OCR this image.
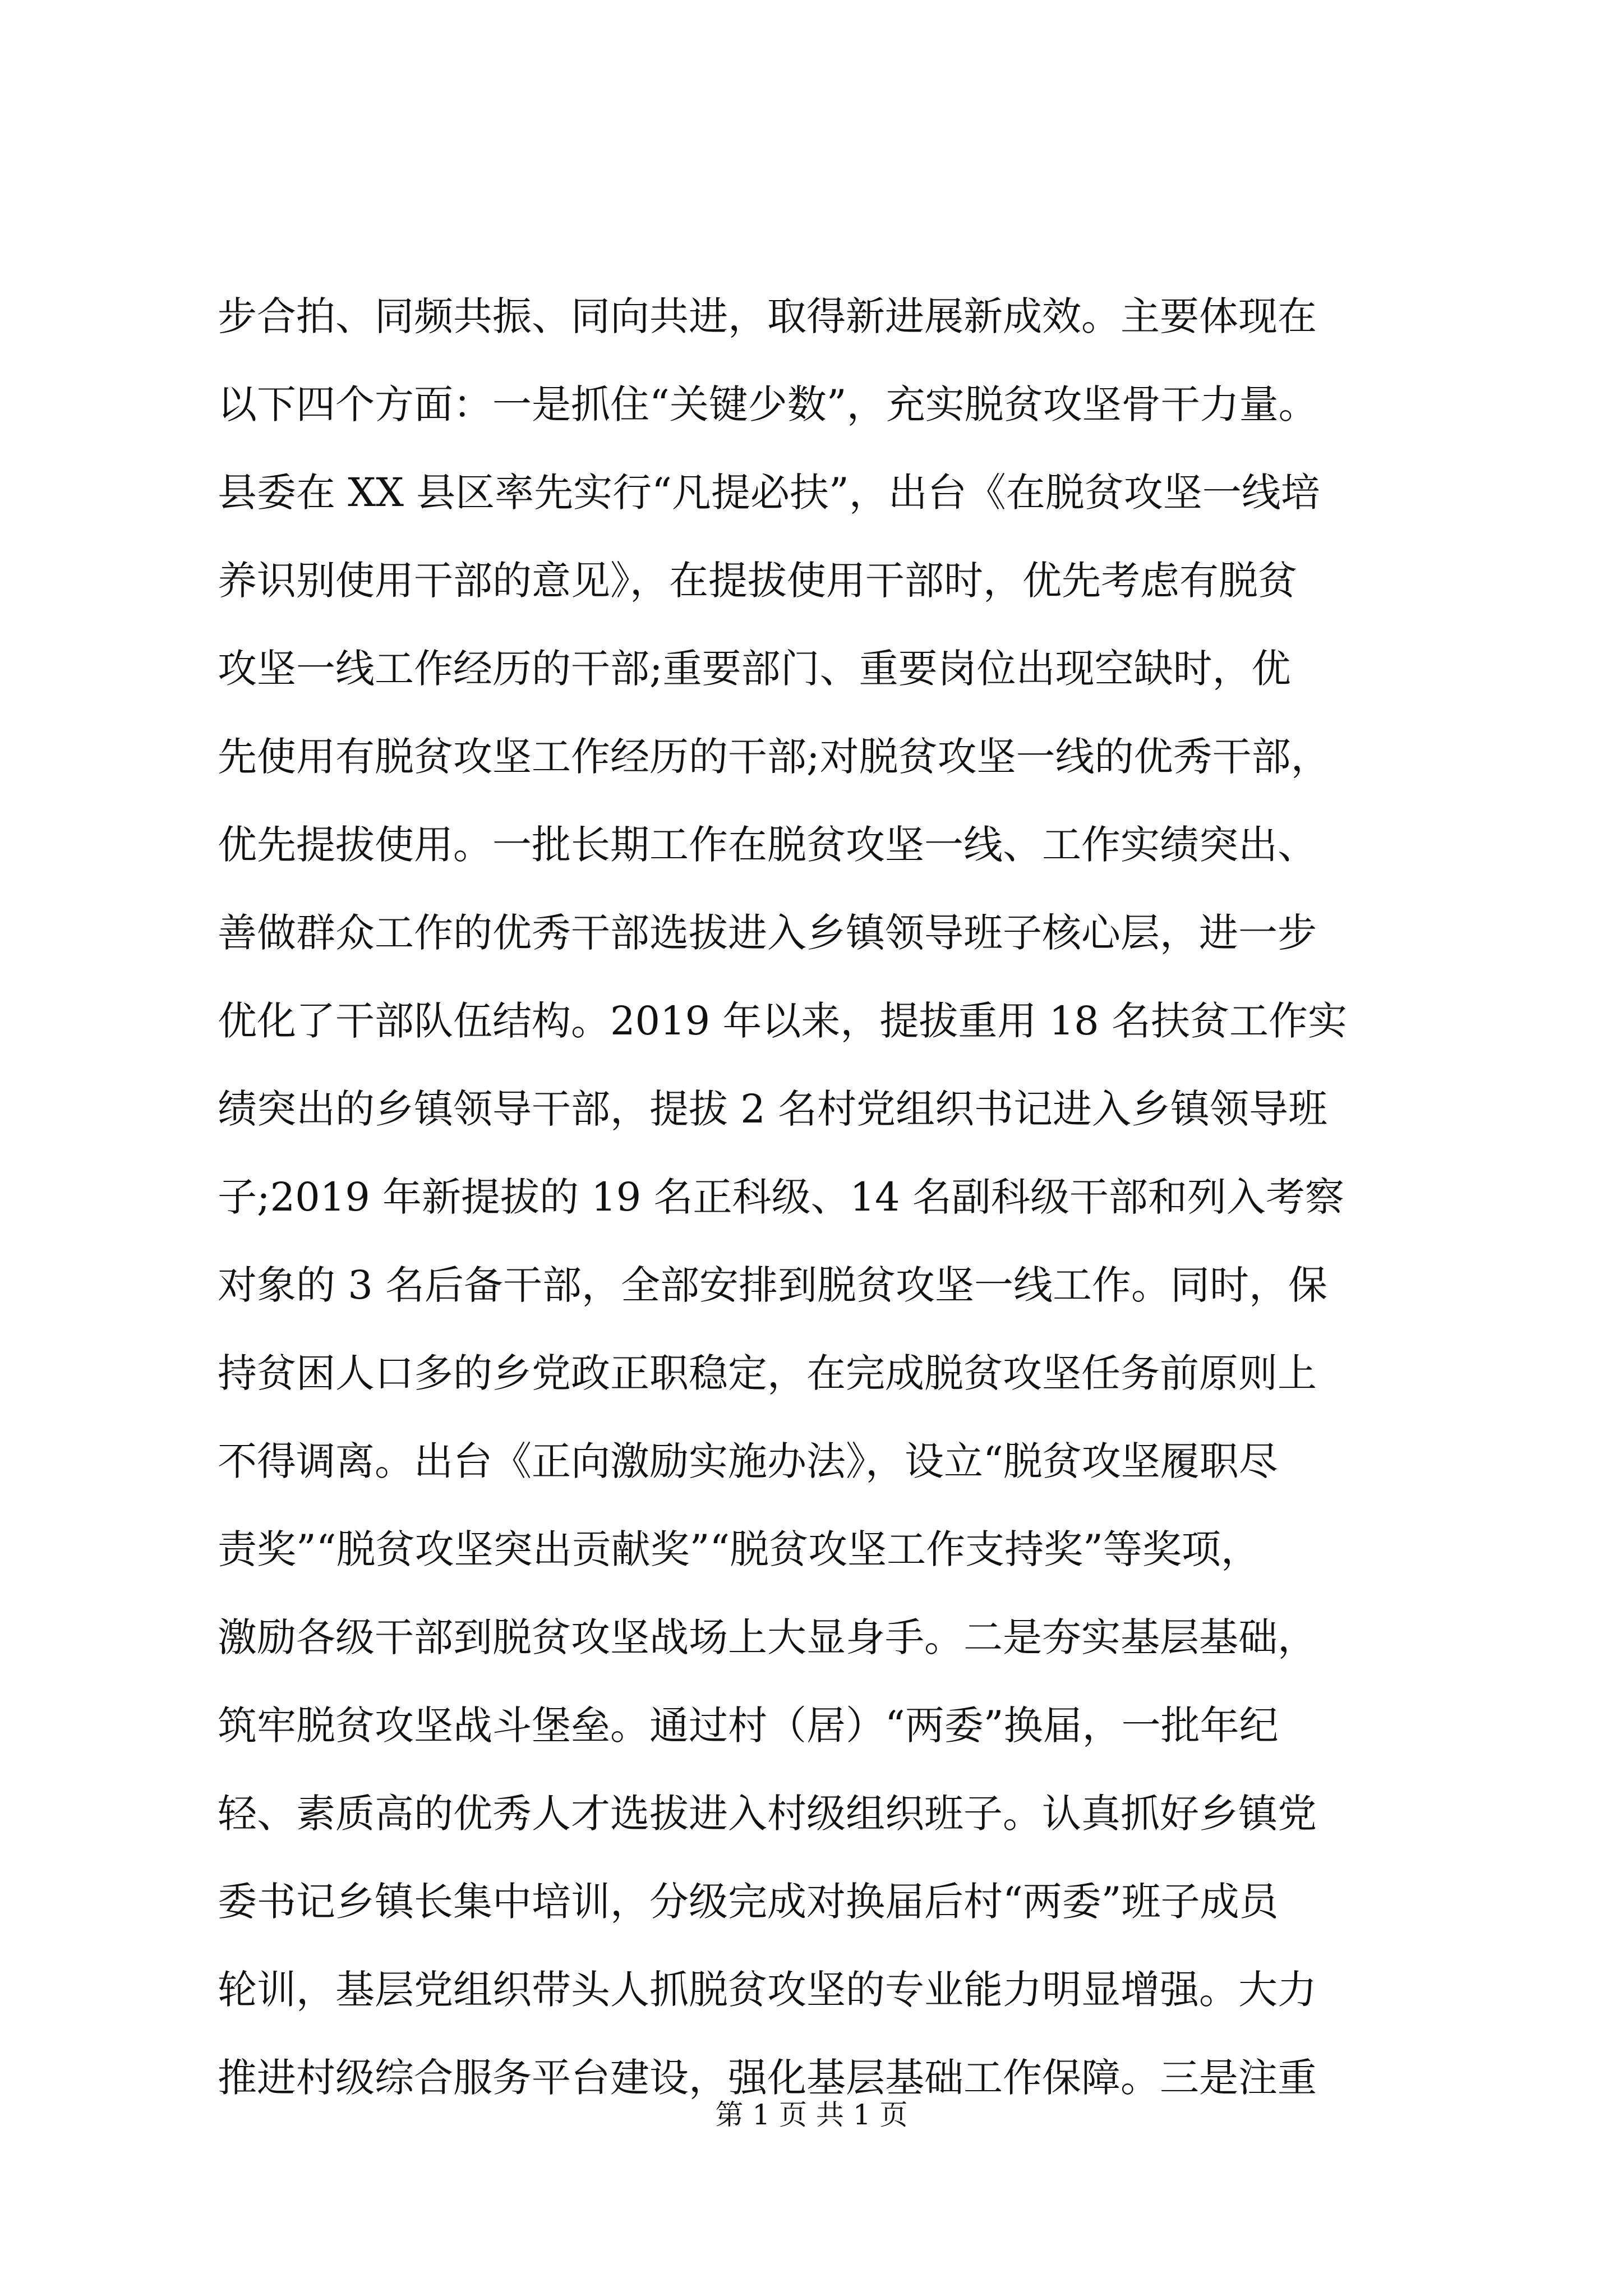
步合拍、同频共振、同向共进，取得新进展新成效。主要体现在
以下四个方面：一是抓住“关键少数”，充实脱贫攻坚骨干力量。
县委在 XX 县区率先实行“凡提必扶”，出台《在脱贫攻坚一线培
养识别使用干部的意见》，在提拔使用干部时，优先考虑有脱贫
攻坚一线工作经历的干部;重要部门、重要岗位出现空缺时，优
先使用有脱贫攻坚工作经历的干部;对脱贫攻坚一线的优秀干部，
优先提拔使用。一批长期工作在脱贫攻坚一线、工作实绩突出、
善做群众工作的优秀干部选拔进入乡镇领导班子核心层，进一步
优化了干部队伍结构。2019 年以来，提拔重用 18 名扶贫工作实
绩突出的乡镇领导干部，提拔 2 名村党组织书记进入乡镇领导班
子;2019 年新提拔的 19 名正科级、14 名副科级干部和列入考察
对象的 3 名后备干部，全部安排到脱贫攻坚一线工作。同时，保
持贫困人口多的乡党政正职稳定，在完成脱贫攻坚任务前原则上
不得调离。出台《正向激励实施办法》，设立“脱贫攻坚履职尽
责奖”“脱贫攻坚突出贡献奖”“脱贫攻坚工作支持奖”等奖项，
激励各级干部到脱贫攻坚战场上大显身手。二是夯实基层基础，
筑牢脱贫攻坚战斗堡垒。通过村（居）“两委”换届，一批年纪
轻、素质高的优秀人才选拔进入村级组织班子。认真抓好乡镇党
委书记乡镇长集中培训，分级完成对换届后村“两委”班子成员
轮训，基层党组织带头人抓脱贫攻坚的专业能力明显增强。大力
推进村级综合服务平台建设，强化基层基础工作保障。三是注重
第 1 页 共 1 页
